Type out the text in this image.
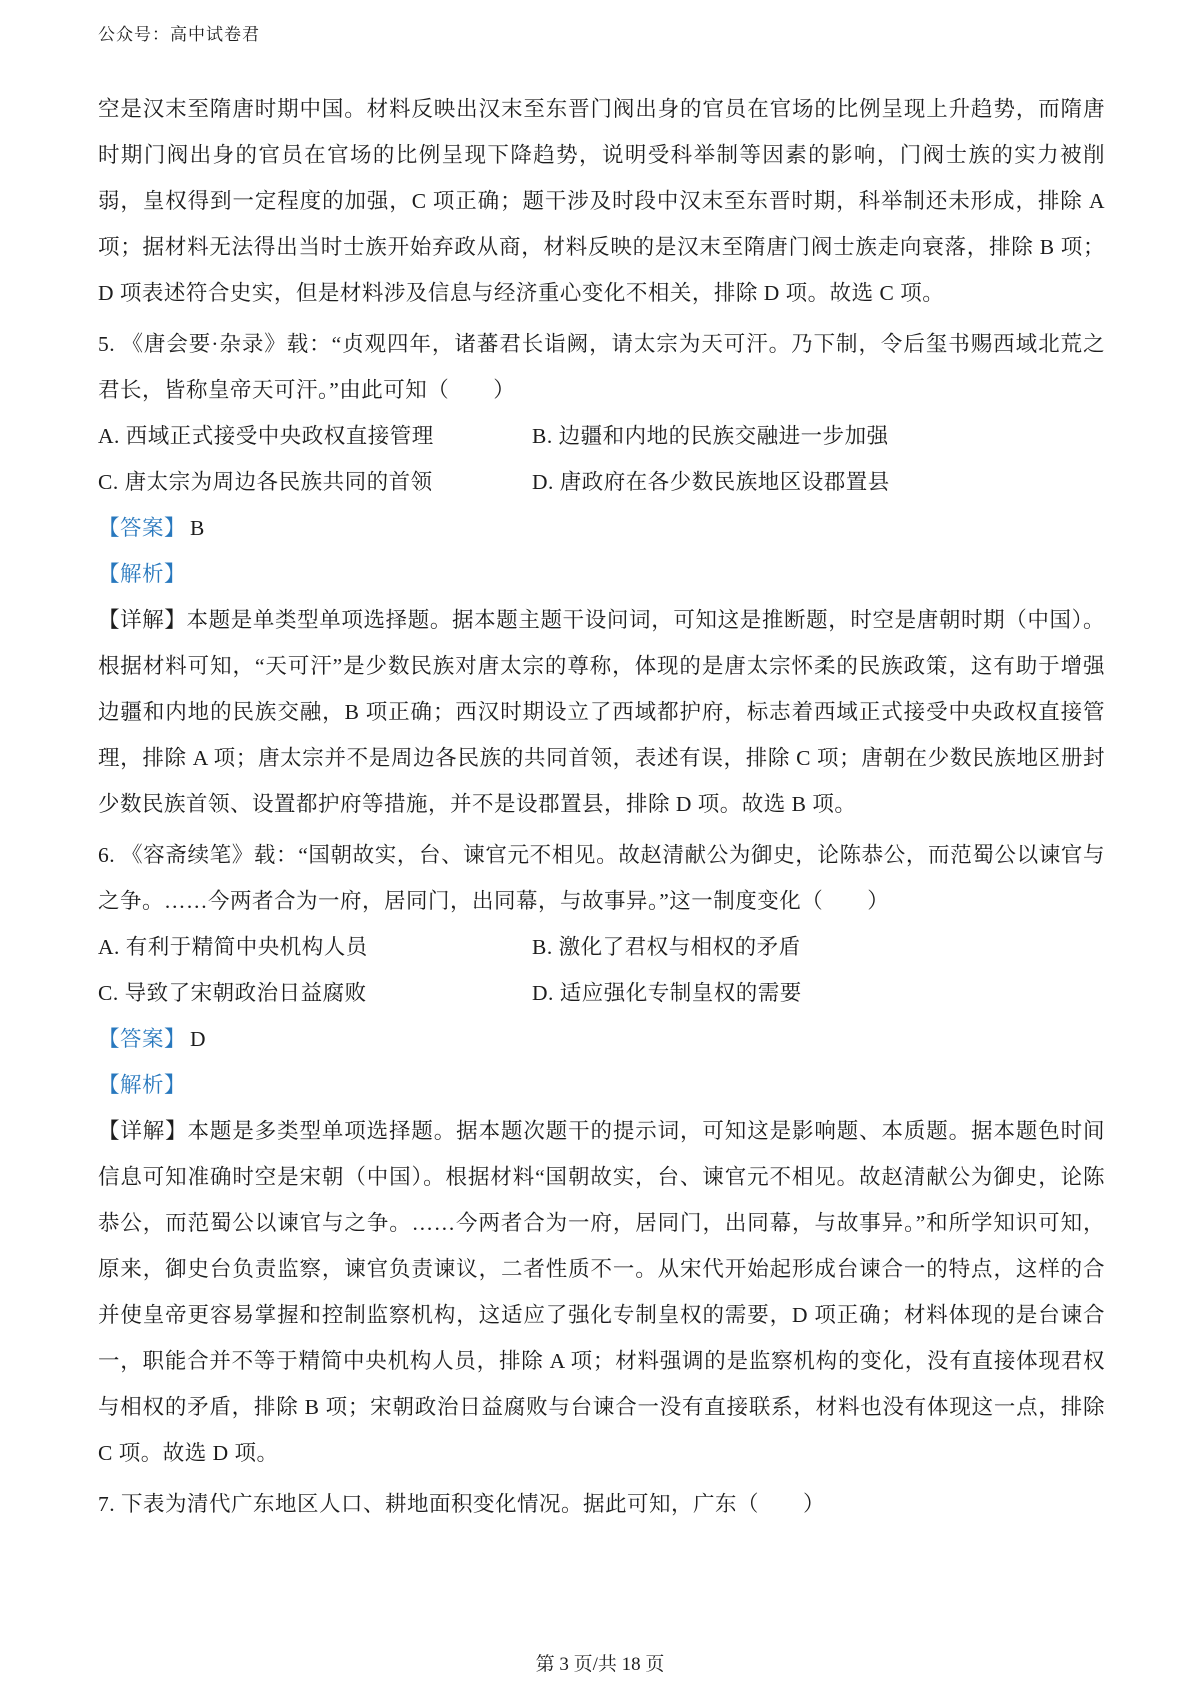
公众号：高中试卷君

空是汉末至隋唐时期中国。材料反映出汉末至东晋门阀出身的官员在官场的比例呈现上升趋势，而隋唐时期门阀出身的官员在官场的比例呈现下降趋势，说明受科举制等因素的影响，门阀士族的实力被削弱，皇权得到一定程度的加强，C 项正确；题干涉及时段中汉末至东晋时期，科举制还未形成，排除 A 项；据材料无法得出当时士族开始弃政从商，材料反映的是汉末至隋唐门阀士族走向衰落，排除 B 项；D 项表述符合史实，但是材料涉及信息与经济重心变化不相关，排除 D 项。故选 C 项。

5. 《唐会要·杂录》载：“贞观四年，诸蕃君长诣阙，请太宗为天可汗。乃下制，令后玺书赐西域北荒之君长，皆称皇帝天可汗。”由此可知（　　）

A. 西域正式接受中央政权直接管理	B. 边疆和内地的民族交融进一步加强
C. 唐太宗为周边各民族共同的首领	D. 唐政府在各少数民族地区设郡置县

【答案】 B

【解析】

【详解】本题是单类型单项选择题。据本题主题干设问词，可知这是推断题，时空是唐朝时期（中国）。根据材料可知，“天可汗”是少数民族对唐太宗的尊称，体现的是唐太宗怀柔的民族政策，这有助于增强边疆和内地的民族交融，B 项正确；西汉时期设立了西域都护府，标志着西域正式接受中央政权直接管理，排除 A 项；唐太宗并不是周边各民族的共同首领，表述有误，排除 C 项；唐朝在少数民族地区册封少数民族首领、设置都护府等措施，并不是设郡置县，排除 D 项。故选 B 项。

6. 《容斋续笔》载：“国朝故实，台、谏官元不相见。故赵清献公为御史，论陈恭公，而范蜀公以谏官与之争。……今两者合为一府，居同门，出同幕，与故事异。”这一制度变化（　　）

A. 有利于精简中央机构人员	B. 激化了君权与相权的矛盾
C. 导致了宋朝政治日益腐败	D. 适应强化专制皇权的需要

【答案】 D

【解析】

【详解】本题是多类型单项选择题。据本题次题干的提示词，可知这是影响题、本质题。据本题色时间信息可知准确时空是宋朝（中国）。根据材料“国朝故实，台、谏官元不相见。故赵清献公为御史，论陈恭公，而范蜀公以谏官与之争。……今两者合为一府，居同门，出同幕，与故事异。”和所学知识可知，原来，御史台负责监察，谏官负责谏议，二者性质不一。从宋代开始起形成台谏合一的特点，这样的合并使皇帝更容易掌握和控制监察机构，这适应了强化专制皇权的需要，D 项正确；材料体现的是台谏合一，职能合并不等于精简中央机构人员，排除 A 项；材料强调的是监察机构的变化，没有直接体现君权与相权的矛盾，排除 B 项；宋朝政治日益腐败与台谏合一没有直接联系，材料也没有体现这一点，排除 C 项。故选 D 项。

7. 下表为清代广东地区人口、耕地面积变化情况。据此可知，广东（　　）

第 3 页/共 18 页
